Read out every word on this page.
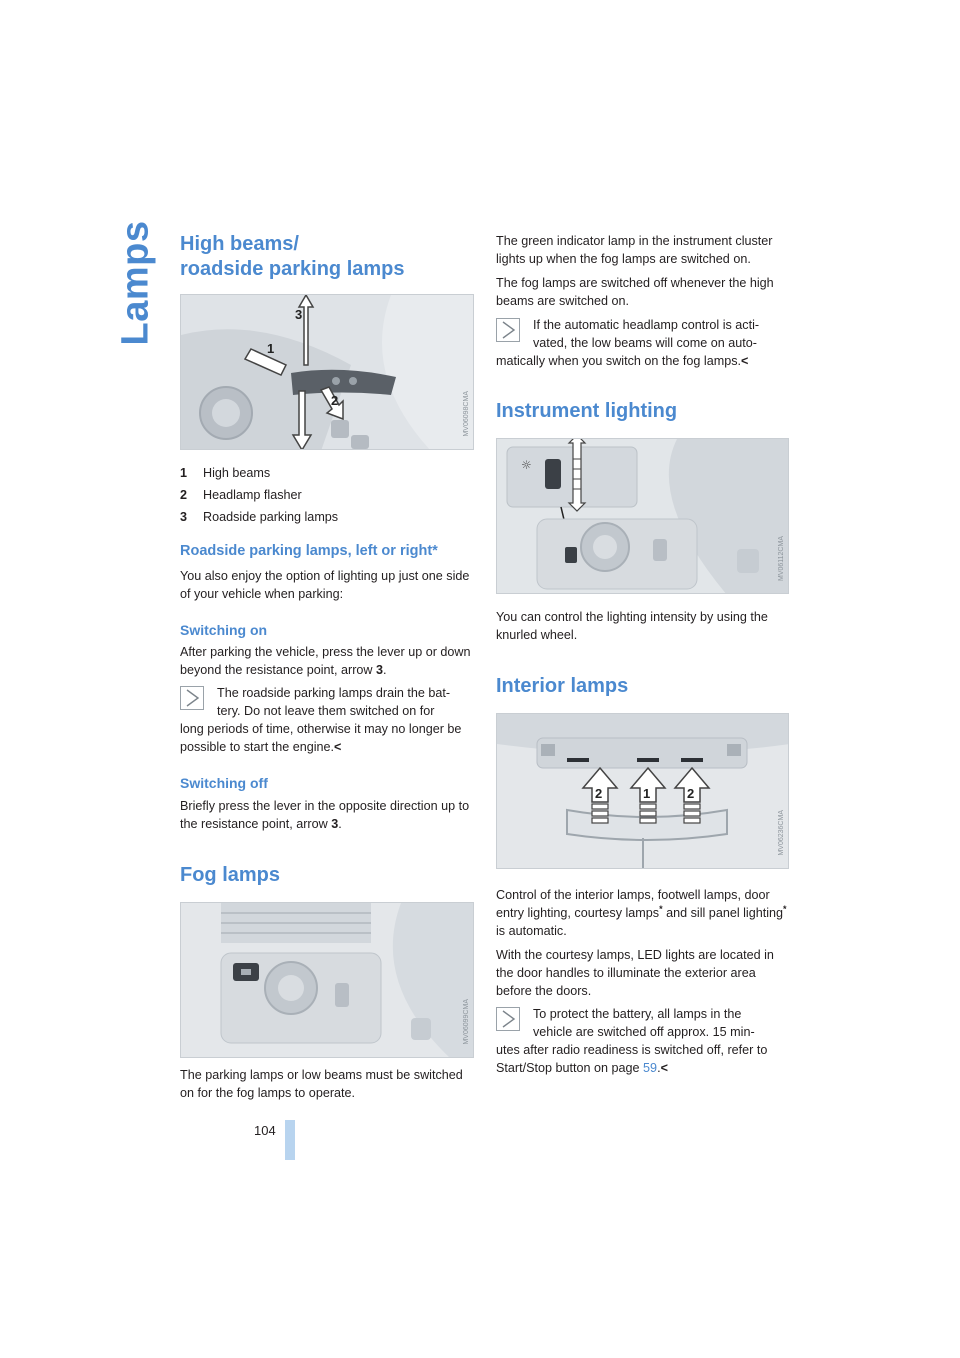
Lamps
104
High beams/
roadside parking lamps
1
2
3
MV06098CMA
1	High beams
2	Headlamp flasher
3	Roadside parking lamps
Roadside parking lamps, left or right*

You also enjoy the option of lighting up just one side of your vehicle when parking:

Switching on

After parking the vehicle, press the lever up or down beyond the resistance point, arrow 3.

The roadside parking lamps drain the bat-

tery. Do not leave them switched on for

long periods of time, otherwise it may no longer be possible to start the engine.<

Switching off

Briefly press the lever in the opposite direction up to the resistance point, arrow 3.

Fog lamps
MV06099CMA

The parking lamps or low beams must be switched on for the fog lamps to operate.

The green indicator lamp in the instrument cluster lights up when the fog lamps are switched on.

The fog lamps are switched off whenever the high beams are switched on.

If the automatic headlamp control is acti-

vated, the low beams will come on auto-

matically when you switch on the fog lamps.<

Instrument lighting
☼
MV06112CMA

You can control the lighting intensity by using the knurled wheel.

Interior lamps
2	1	2
MV06236CMA

Control of the interior lamps, footwell lamps, door entry lighting, courtesy lamps* and sill panel lighting* is automatic.

With the courtesy lamps, LED lights are located in the door handles to illuminate the exterior area before the doors.

To protect the battery, all lamps in the

vehicle are switched off approx. 15 min-

utes after radio readiness is switched off, refer to Start/Stop button on page 59.<
